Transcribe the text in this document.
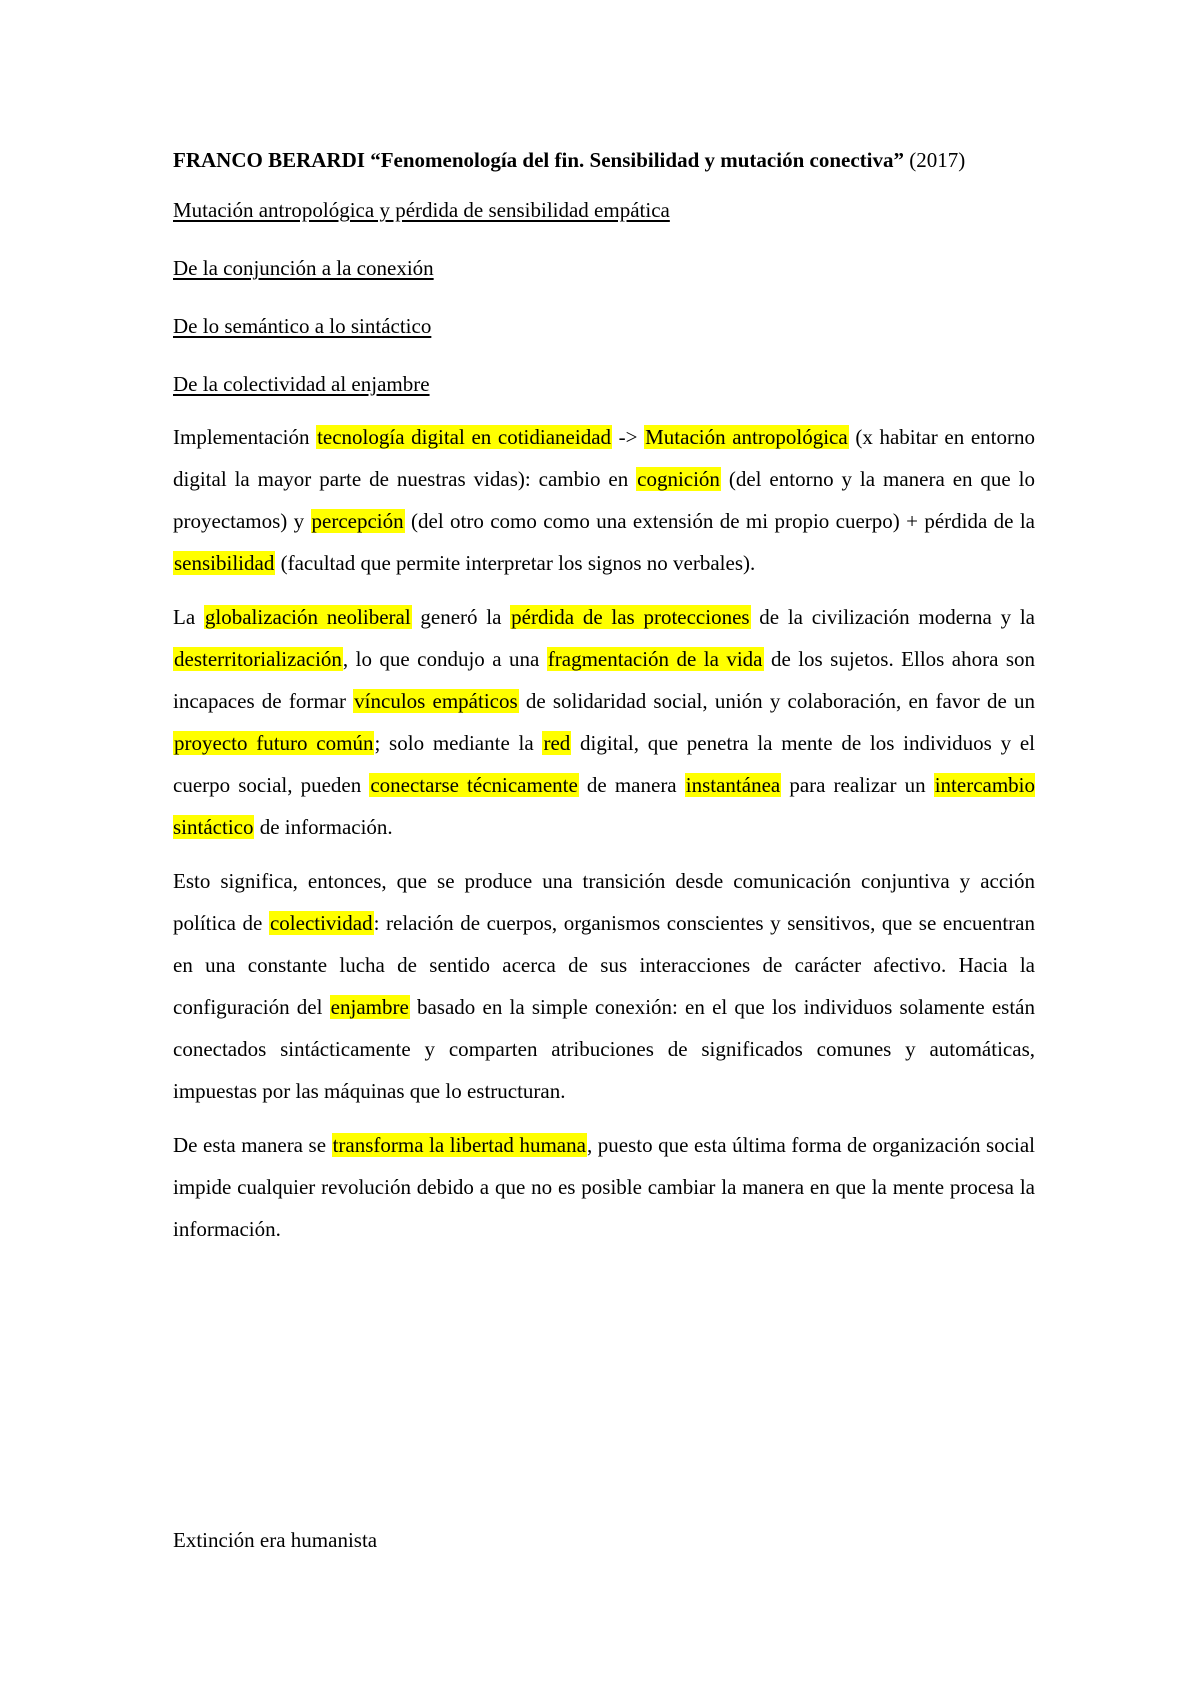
FRANCO BERARDI “Fenomenología del fin. Sensibilidad y mutación conectiva” (2017)

Mutación antropológica y pérdida de sensibilidad empática

De la conjunción a la conexión

De lo semántico a lo sintáctico

De la colectividad al enjambre

Implementación tecnología digital en cotidianeidad -> Mutación antropológica (x habitar en entorno digital la mayor parte de nuestras vidas): cambio en cognición (del entorno y la manera en que lo proyectamos) y percepción (del otro como como una extensión de mi propio cuerpo) + pérdida de la sensibilidad (facultad que permite interpretar los signos no verbales).

La globalización neoliberal generó la pérdida de las protecciones de la civilización moderna y la desterritorialización, lo que condujo a una fragmentación de la vida de los sujetos. Ellos ahora son incapaces de formar vínculos empáticos de solidaridad social, unión y colaboración, en favor de un proyecto futuro común; solo mediante la red digital, que penetra la mente de los individuos y el cuerpo social, pueden conectarse técnicamente de manera instantánea para realizar un intercambio sintáctico de información.

Esto significa, entonces, que se produce una transición desde comunicación conjuntiva y acción política de colectividad: relación de cuerpos, organismos conscientes y sensitivos, que se encuentran en una constante lucha de sentido acerca de sus interacciones de carácter afectivo. Hacia la configuración del enjambre basado en la simple conexión: en el que los individuos solamente están conectados sintácticamente y comparten atribuciones de significados comunes y automáticas, impuestas por las máquinas que lo estructuran.

De esta manera se transforma la libertad humana, puesto que esta última forma de organización social impide cualquier revolución debido a que no es posible cambiar la manera en que la mente procesa la información.

Extinción era humanista
